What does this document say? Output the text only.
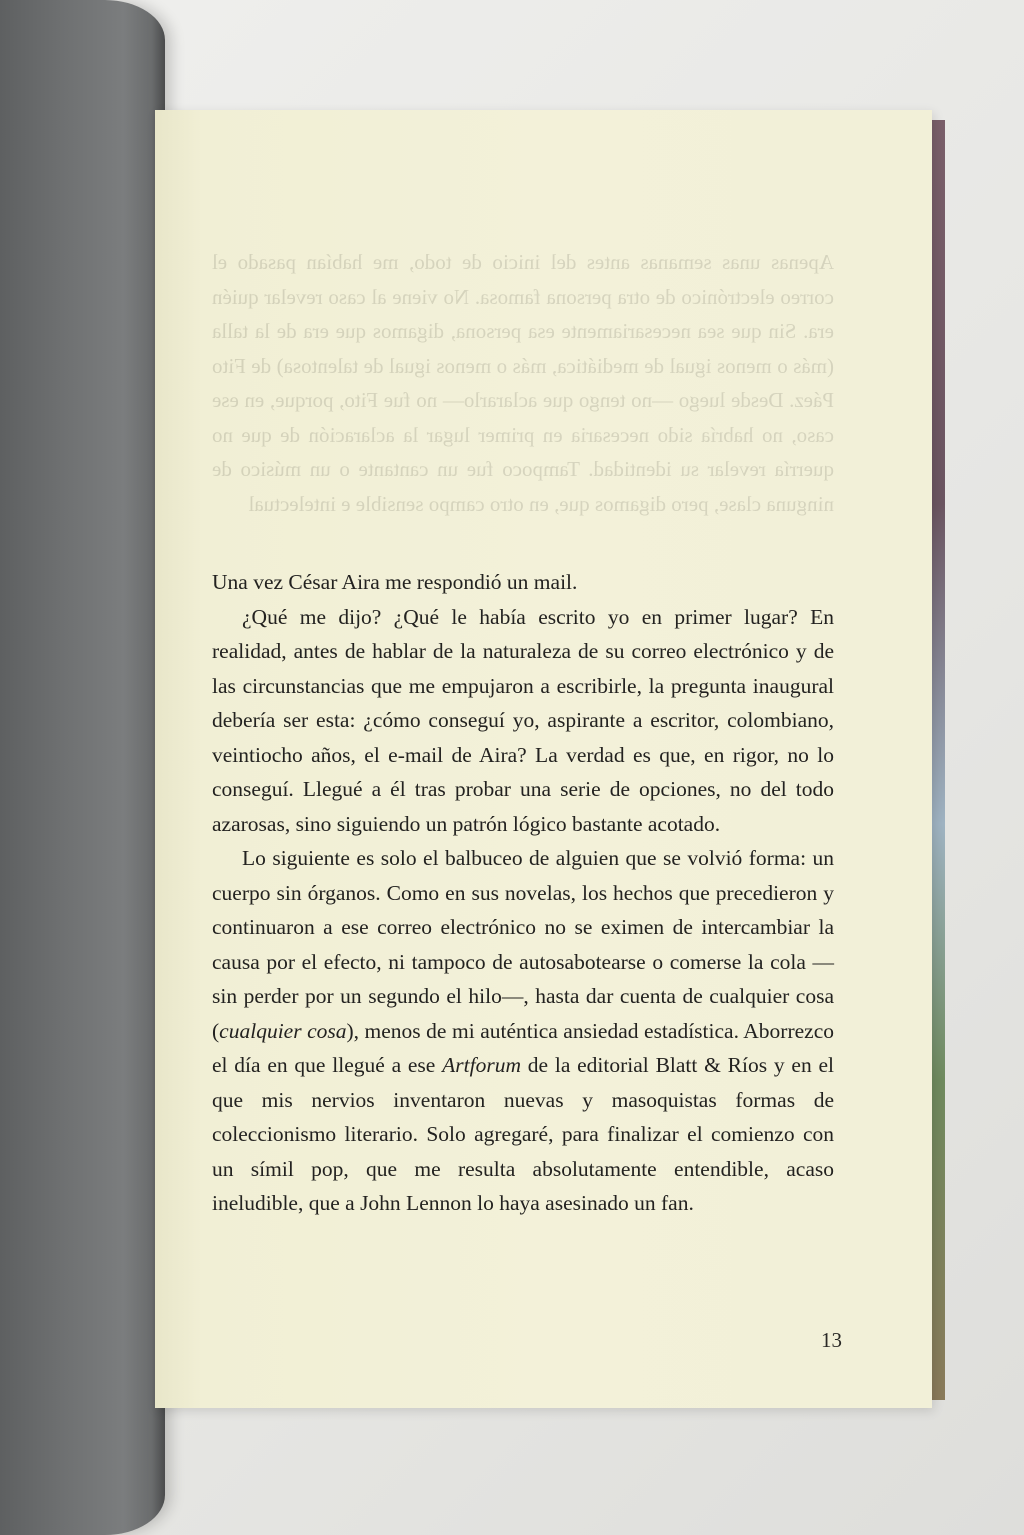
Apenas unas semanas antes del inicio de todo, me habían pasado el correo electrónico de otra persona famosa. No viene al caso revelar quién era. Sin que sea necesariamente esa persona, digamos que era de la talla (más o menos igual de mediática, más o menos igual de talentosa) de Fito Páez. Desde luego —no tengo que aclararlo— no fue Fito, porque, en ese caso, no habría sido necesaria en primer lugar la aclaración de que no querría revelar su identidad. Tampoco fue un cantante o un músico de ninguna clase, pero digamos que, en otro campo sensible e intelectual

Una vez César Aira me respondió un mail.

¿Qué me dijo? ¿Qué le había escrito yo en primer lugar? En realidad, antes de hablar de la naturaleza de su correo electrónico y de las circunstancias que me empujaron a escribirle, la pregunta inaugural debería ser esta: ¿cómo conseguí yo, aspirante a escritor, colombiano, veintiocho años, el e-mail de Aira? La verdad es que, en rigor, no lo conseguí. Llegué a él tras probar una serie de opciones, no del todo azarosas, sino siguiendo un patrón lógico bastante acotado.

Lo siguiente es solo el balbuceo de alguien que se volvió forma: un cuerpo sin órganos. Como en sus novelas, los hechos que precedieron y continuaron a ese correo electrónico no se eximen de intercambiar la causa por el efecto, ni tampoco de autosabotearse o comerse la cola —sin perder por un segundo el hilo—, hasta dar cuenta de cualquier cosa (cualquier cosa), menos de mi auténtica ansiedad estadística. Aborrezco el día en que llegué a ese Artforum de la editorial Blatt & Ríos y en el que mis nervios inventaron nuevas y masoquistas formas de coleccionismo literario. Solo agregaré, para finalizar el comienzo con un símil pop, que me resulta absolutamente entendible, acaso ineludible, que a John Lennon lo haya asesinado un fan.

13
